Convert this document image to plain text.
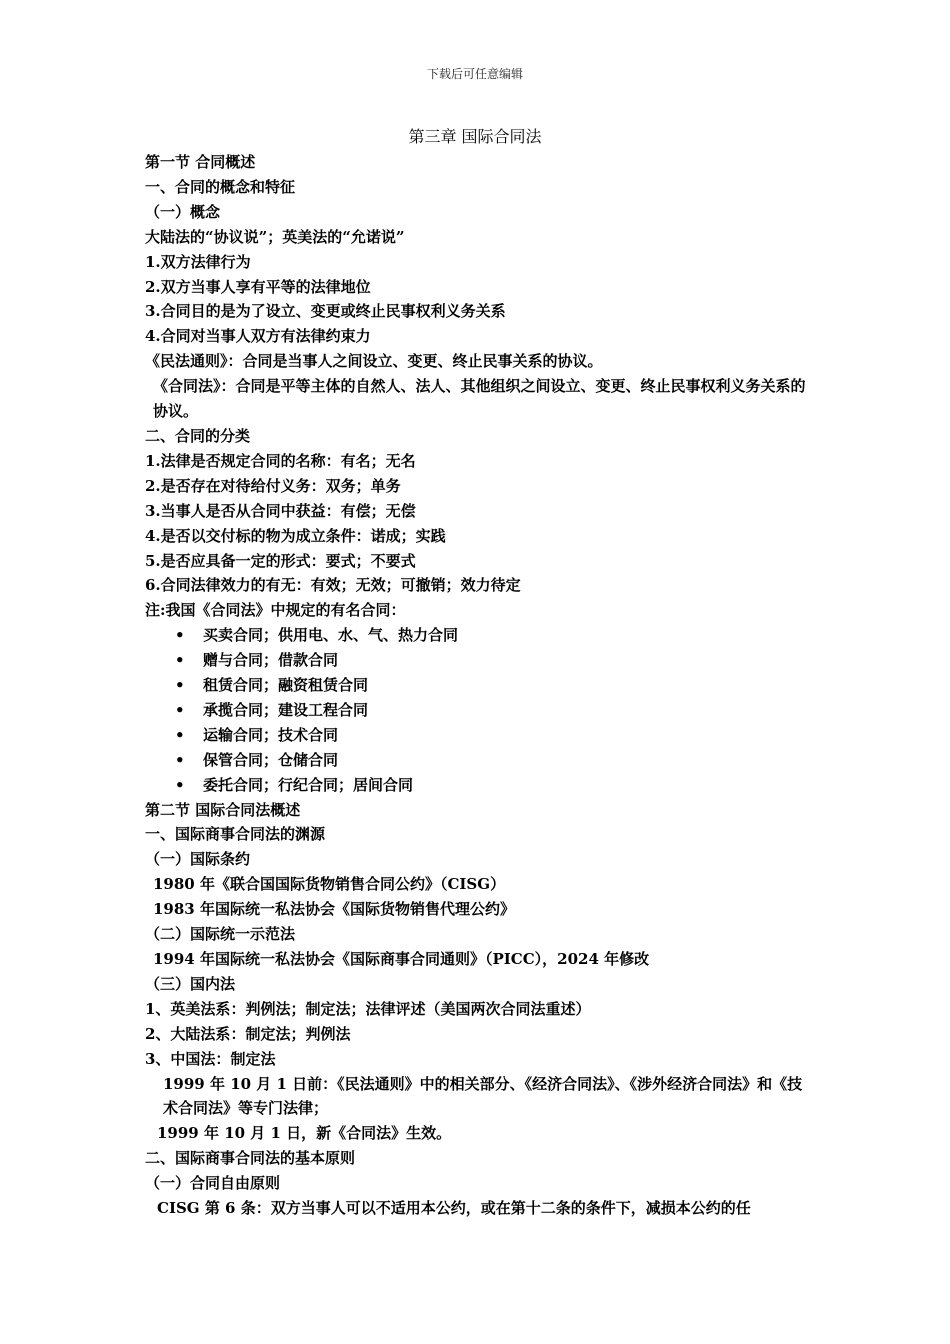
下载后可任意编辑
第三章 国际合同法
第一节 合同概述
一、合同的概念和特征
（一）概念
大陆法的“协议说”；英美法的“允诺说”
1.双方法律行为
2.双方当事人享有平等的法律地位
3.合同目的是为了设立、变更或终止民事权利义务关系
4.合同对当事人双方有法律约束力
《民法通则》：合同是当事人之间设立、变更、终止民事关系的协议。
《合同法》：合同是平等主体的自然人、法人、其他组织之间设立、变更、终止民事权利义务关系的协议。
二、合同的分类
1.法律是否规定合同的名称：有名；无名
2.是否存在对待给付义务：双务；单务
3.当事人是否从合同中获益：有偿；无偿
4.是否以交付标的物为成立条件：诺成；实践
5.是否应具备一定的形式：要式；不要式
6.合同法律效力的有无：有效；无效；可撤销；效力待定
注:我国《合同法》中规定的有名合同：
• 买卖合同；供用电、水、气、热力合同
• 赠与合同；借款合同
• 租赁合同；融资租赁合同
• 承揽合同；建设工程合同
• 运输合同；技术合同
• 保管合同；仓储合同
• 委托合同；行纪合同；居间合同
第二节 国际合同法概述
一、国际商事合同法的渊源
（一）国际条约
1980 年《联合国国际货物销售合同公约》（CISG）
1983 年国际统一私法协会《国际货物销售代理公约》
（二）国际统一示范法
1994 年国际统一私法协会《国际商事合同通则》（PICC），2024 年修改
（三）国内法
1、英美法系：判例法；制定法；法律评述（美国两次合同法重述）
2、大陆法系：制定法；判例法
3、中国法：制定法
1999 年 10 月 1 日前：《民法通则》中的相关部分、《经济合同法》、《涉外经济合同法》和《技术合同法》等专门法律；
1999 年 10 月 1 日，新《合同法》生效。
二、国际商事合同法的基本原则
（一）合同自由原则
CISG 第 6 条：双方当事人可以不适用本公约，或在第十二条的条件下，减损本公约的任
